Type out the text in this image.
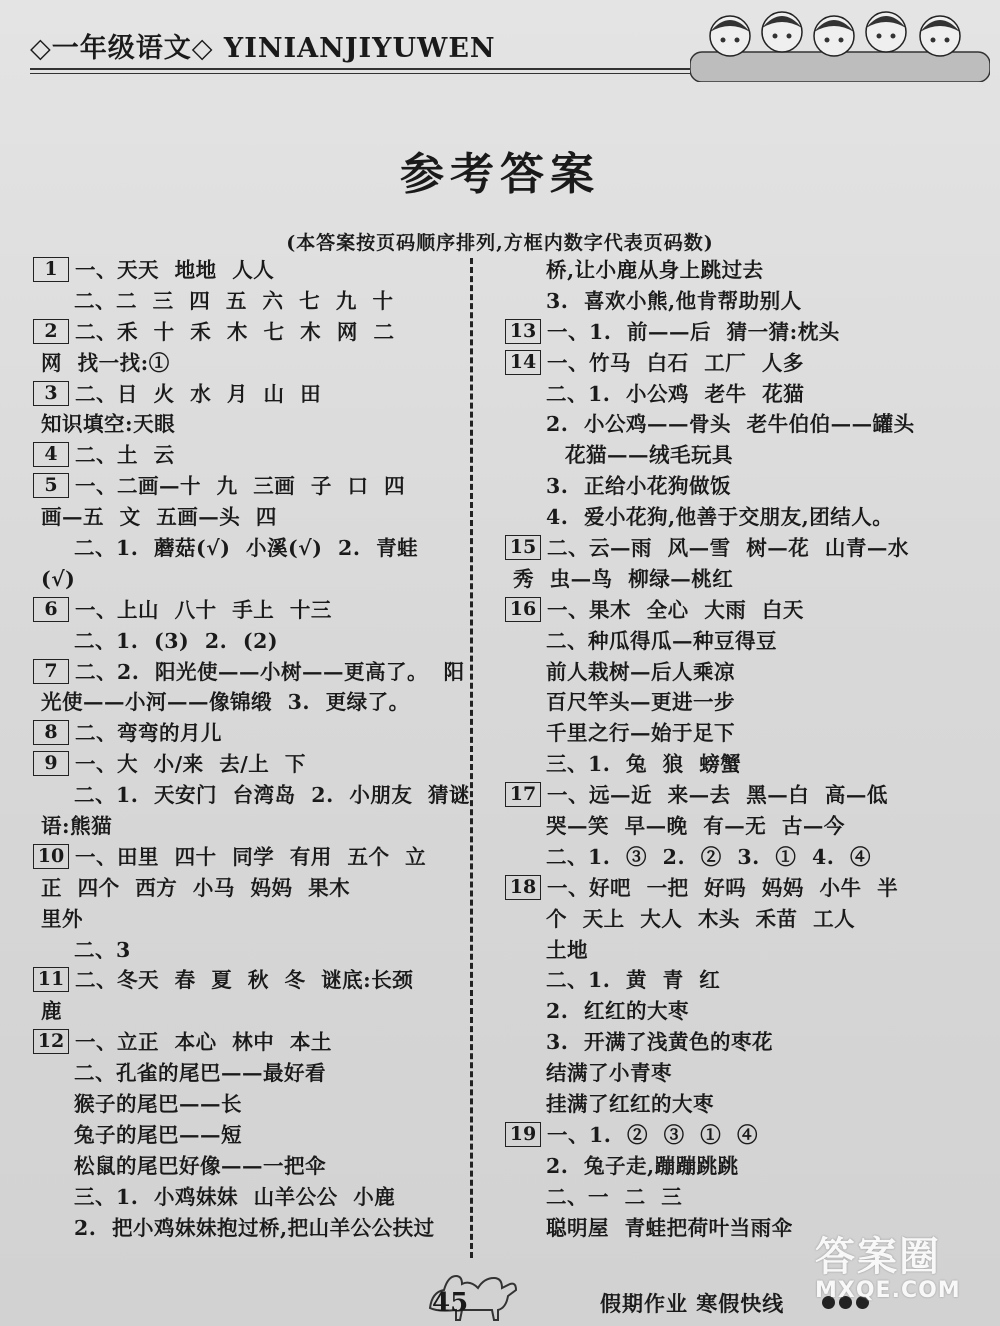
◇一年级语文◇ YINIANJIYUWEN
参考答案
(本答案按页码顺序排列,方框内数字代表页码数)
1 一、天天 地地 人人
二、二 三 四 五 六 七 九 十
2 二、禾 十 禾 木 七 木 网 二
网 找一找:①
3 二、日 火 水 月 山 田
知识填空:天眼
4 二、土 云
5 一、二画—十 九 三画 子 口 四
画—五 文 五画—头 四
二、1. 蘑菇(√) 小溪(√) 2. 青蛙
(√)
6 一、上山 八十 手上 十三
二、1. (3) 2. (2)
7 二、2. 阳光使——小树——更高了。 阳
光使——小河——像锦缎 3. 更绿了。
8 二、弯弯的月儿
9 一、大 小/来 去/上 下
二、1. 天安门 台湾岛 2. 小朋友 猜谜
语:熊猫
10 一、田里 四十 同学 有用 五个 立
正 四个 西方 小马 妈妈 果木
里外
二、3
11 二、冬天 春 夏 秋 冬 谜底:长颈
鹿
12 一、立正 本心 林中 本土
二、孔雀的尾巴——最好看
猴子的尾巴——长
兔子的尾巴——短
松鼠的尾巴好像——一把伞
三、1. 小鸡妹妹 山羊公公 小鹿
2. 把小鸡妹妹抱过桥,把山羊公公扶过
桥,让小鹿从身上跳过去
3. 喜欢小熊,他肯帮助别人
13 一、1. 前——后 猜一猜:枕头
14 一、竹马 白石 工厂 人多
二、1. 小公鸡 老牛 花猫
2. 小公鸡——骨头 老牛伯伯——罐头
花猫——绒毛玩具
3. 正给小花狗做饭
4. 爱小花狗,他善于交朋友,团结人。
15 二、云—雨 风—雪 树—花 山青—水
秀 虫—鸟 柳绿—桃红
16 一、果木 全心 大雨 白天
二、种瓜得瓜—种豆得豆
前人栽树—后人乘凉
百尺竿头—更进一步
千里之行—始于足下
三、1. 兔 狼 螃蟹
17 一、远—近 来—去 黑—白 高—低
哭—笑 早—晚 有—无 古—今
二、1. ③ 2. ② 3. ① 4. ④
18 一、好吧 一把 好吗 妈妈 小牛 半
个 天上 大人 木头 禾苗 工人
土地
二、1. 黄 青 红
2. 红红的大枣
3. 开满了浅黄色的枣花
结满了小青枣
挂满了红红的大枣
19 一、1. ② ③ ① ④
2. 兔子走,蹦蹦跳跳
二、一 二 三
聪明屋 青蛙把荷叶当雨伞
45	假期作业 寒假快线
答案圈
MXQE.COM
